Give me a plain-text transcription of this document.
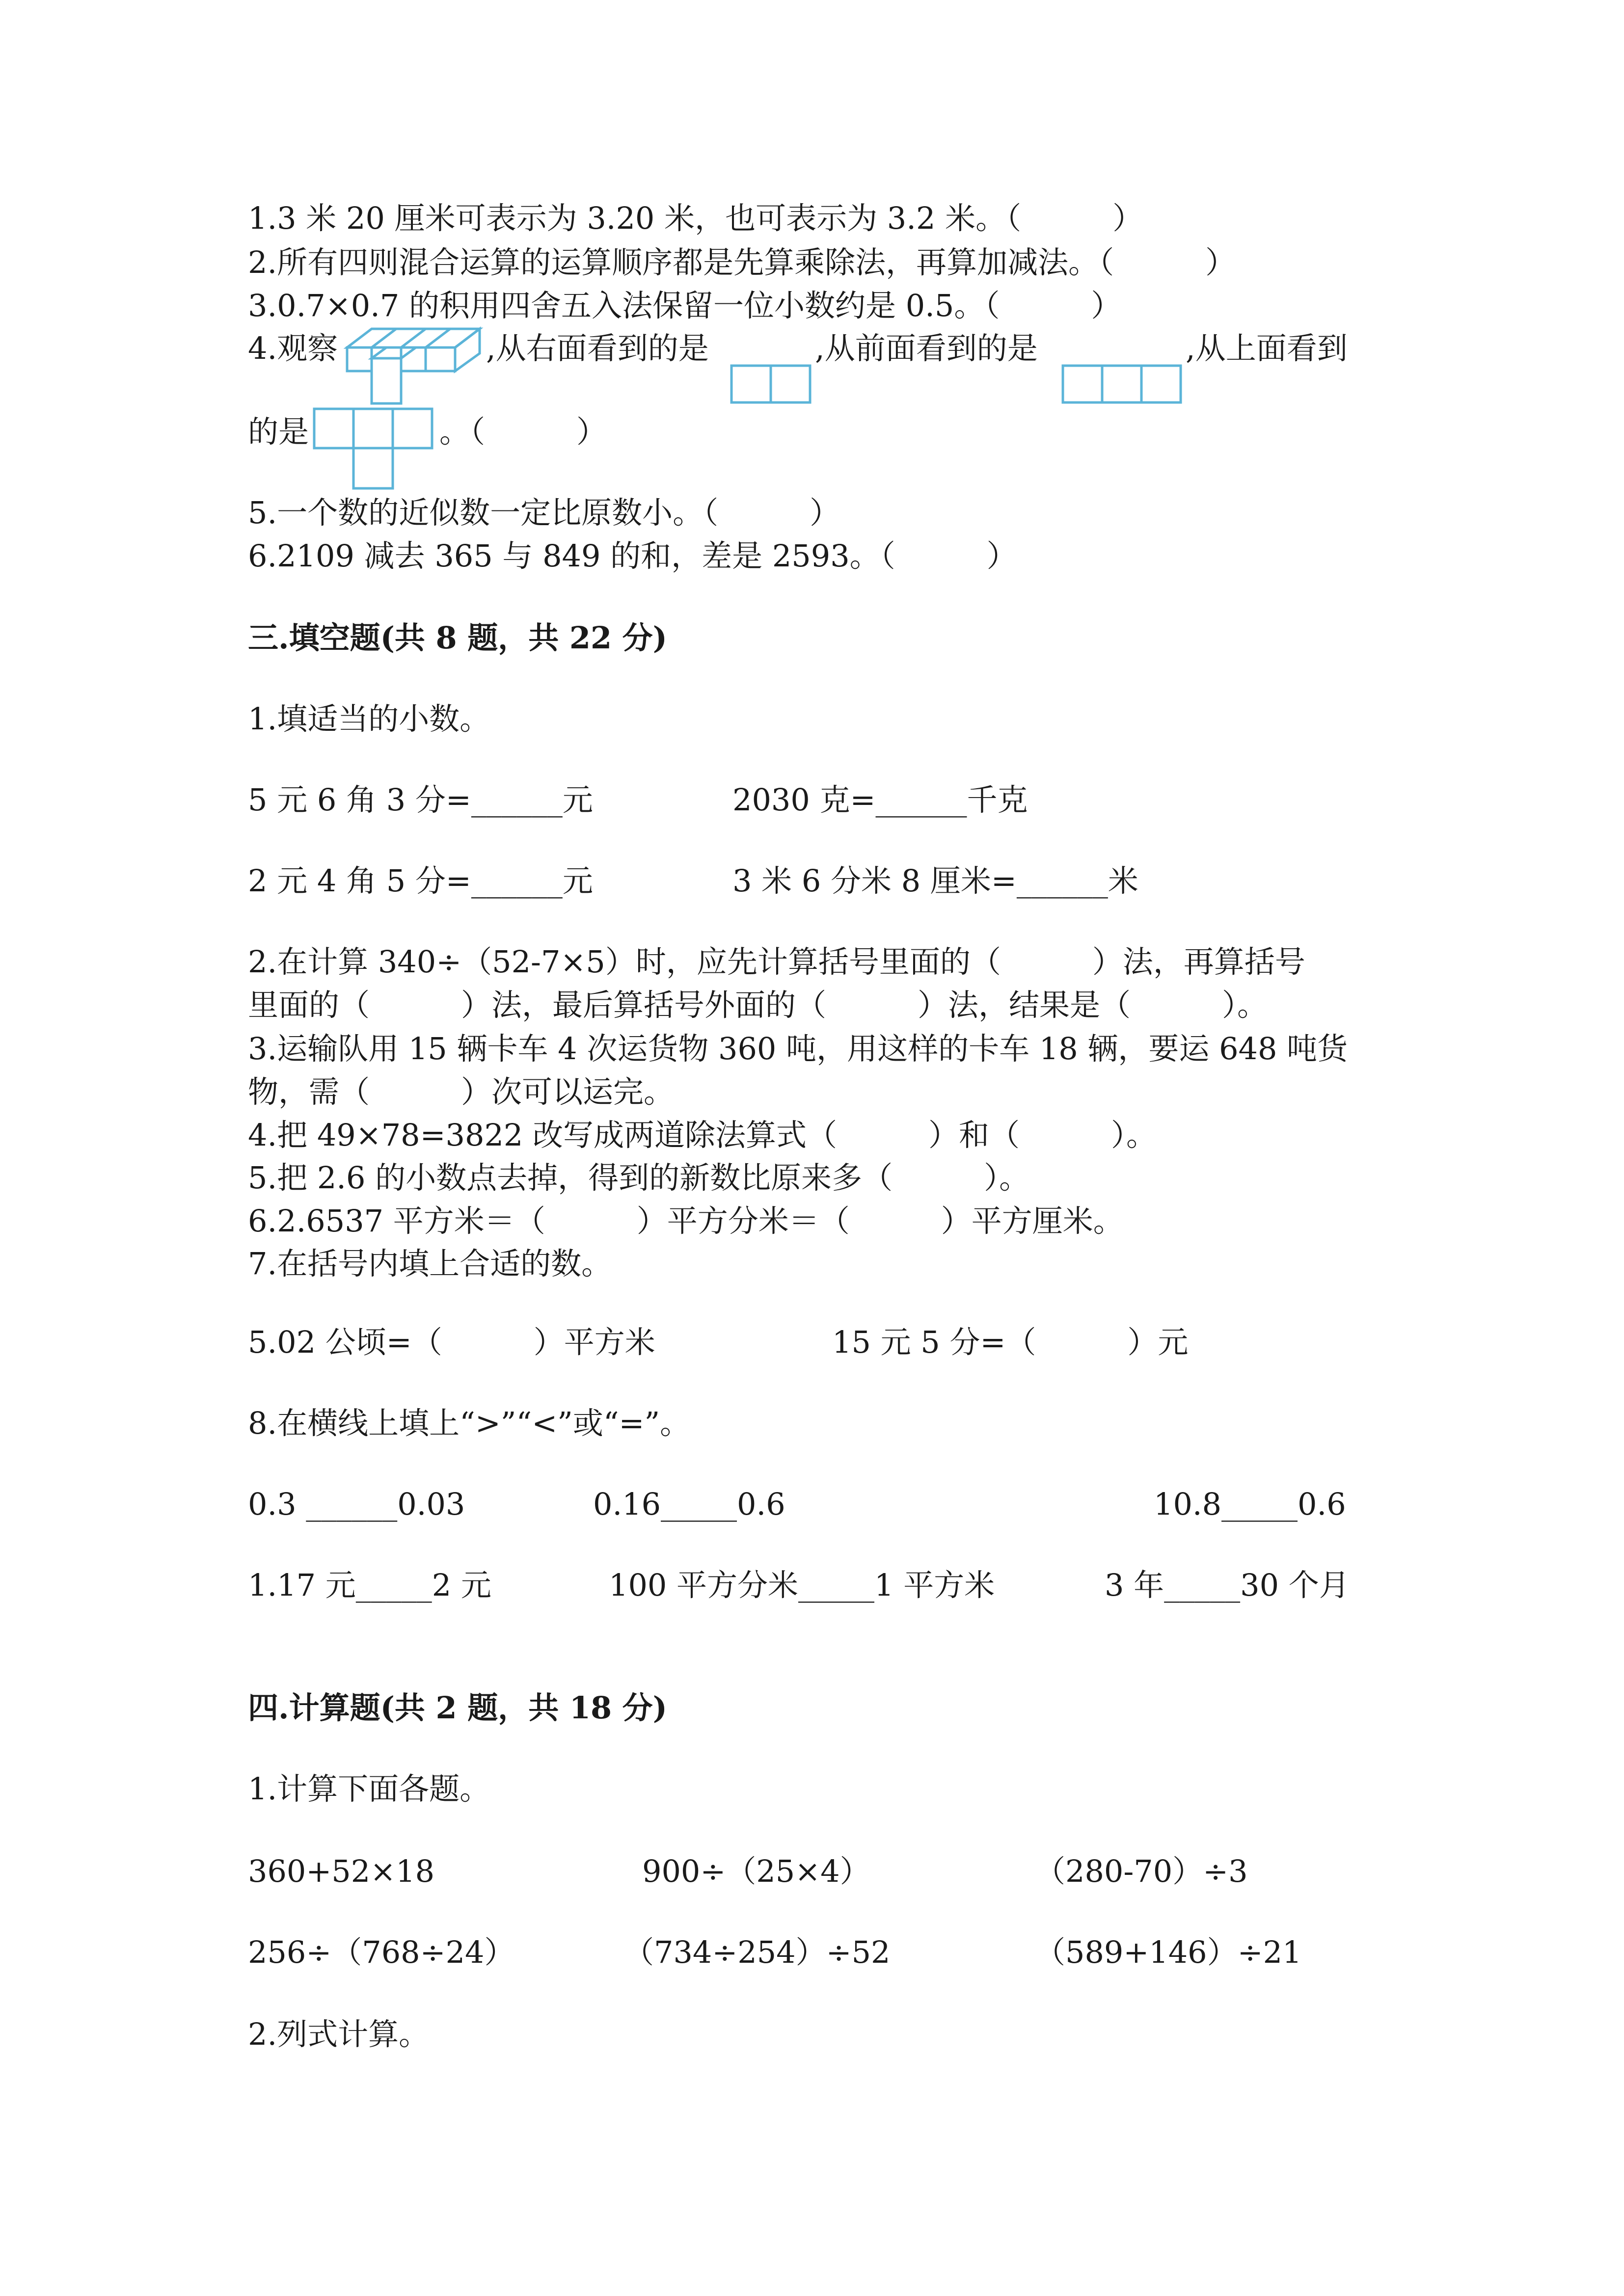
1.3 米 20 厘米可表示为 3.20 米，也可表示为 3.2 米。（　　　）
2.所有四则混合运算的运算顺序都是先算乘除法，再算加减法。（　　　）
3.0.7×0.7 的积用四舍五入法保留一位小数约是 0.5。（　　　）
4.观察	,从右面看到的是	,从前面看到的是	,从上面看到
的是	。（　　　）
5.一个数的近似数一定比原数小。（　　　）
6.2109 减去 365 与 849 的和，差是 2593。（　　　）
三.填空题(共 8 题，共 22 分)
1.填适当的小数。
5 元 6 角 3 分=______元	2030 克=______千克
2 元 4 角 5 分=______元	3 米 6 分米 8 厘米=______米
2.在计算 340÷（52-7×5）时，应先计算括号里面的（　　　）法，再算括号
里面的（　　　）法，最后算括号外面的（　　　）法，结果是（　　　）。
3.运输队用 15 辆卡车 4 次运货物 360 吨，用这样的卡车 18 辆，要运 648 吨货
物，需（　　　）次可以运完。
4.把 49×78=3822 改写成两道除法算式（　　　）和（　　　）。
5.把 2.6 的小数点去掉，得到的新数比原来多（　　　）。
6.2.6537 平方米＝（　　　）平方分米＝（　　　）平方厘米。
7.在括号内填上合适的数。
5.02 公顷=（　　　）平方米	15 元 5 分=（　　　）元
8.在横线上填上“>”“<”或“=”。
0.3 ______0.03	0.16_____0.6	10.8_____0.6
1.17 元_____2 元	100 平方分米_____1 平方米	3 年_____30 个月
四.计算题(共 2 题，共 18 分)
1.计算下面各题。
360+52×18	900÷（25×4）	（280-70）÷3
256÷（768÷24）	（734÷254）÷52	（589+146）÷21
2.列式计算。
